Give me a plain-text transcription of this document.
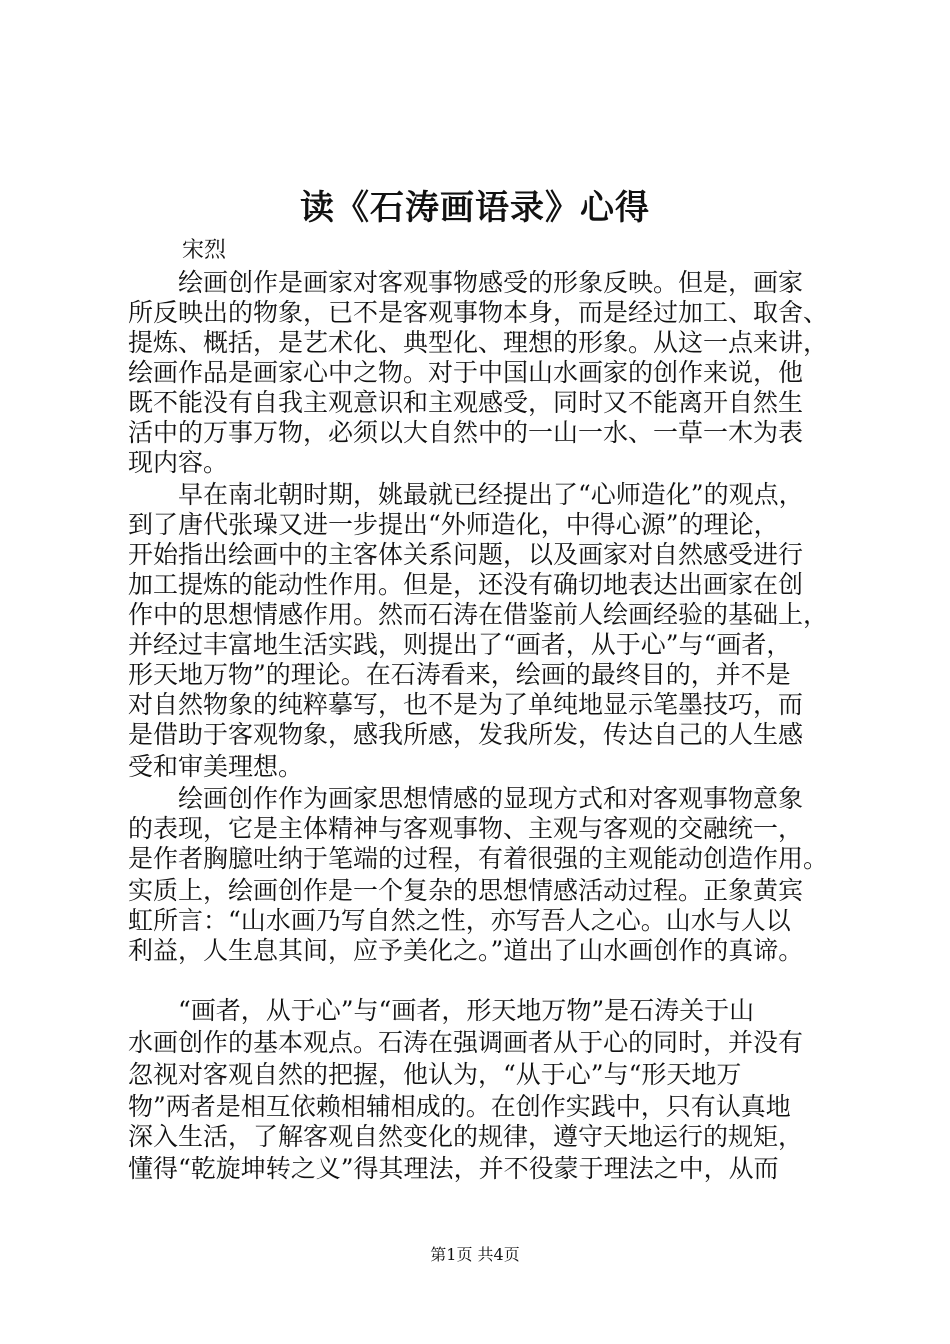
读《石涛画语录》心得
宋烈
　　绘画创作是画家对客观事物感受的形象反映。但是，画家
所反映出的物象，已不是客观事物本身，而是经过加工、取舍、
提炼、概括，是艺术化、典型化、理想的形象。从这一点来讲，
绘画作品是画家心中之物。对于中国山水画家的创作来说，他
既不能没有自我主观意识和主观感受，同时又不能离开自然生
活中的万事万物，必须以大自然中的一山一水、一草一木为表
现内容。
　　早在南北朝时期，姚最就已经提出了“心师造化”的观点，
到了唐代张璪又进一步提出“外师造化，中得心源”的理论，
开始指出绘画中的主客体关系问题，以及画家对自然感受进行
加工提炼的能动性作用。但是，还没有确切地表达出画家在创
作中的思想情感作用。然而石涛在借鉴前人绘画经验的基础上，
并经过丰富地生活实践，则提出了“画者，从于心”与“画者，
形天地万物”的理论。在石涛看来，绘画的最终目的，并不是
对自然物象的纯粹摹写，也不是为了单纯地显示笔墨技巧，而
是借助于客观物象，感我所感，发我所发，传达自己的人生感
受和审美理想。
　　绘画创作作为画家思想情感的显现方式和对客观事物意象
的表现，它是主体精神与客观事物、主观与客观的交融统一，
是作者胸臆吐纳于笔端的过程，有着很强的主观能动创造作用。
实质上，绘画创作是一个复杂的思想情感活动过程。正象黄宾
虹所言：“山水画乃写自然之性，亦写吾人之心。山水与人以
利益，人生息其间，应予美化之。”道出了山水画创作的真谛。
　　“画者，从于心”与“画者，形天地万物”是石涛关于山
水画创作的基本观点。石涛在强调画者从于心的同时，并没有
忽视对客观自然的把握，他认为，“从于心”与“形天地万
物”两者是相互依赖相辅相成的。在创作实践中，只有认真地
深入生活，了解客观自然变化的规律，遵守天地运行的规矩，
懂得“乾旋坤转之义”得其理法，并不役蒙于理法之中，从而
第1页 共4页
